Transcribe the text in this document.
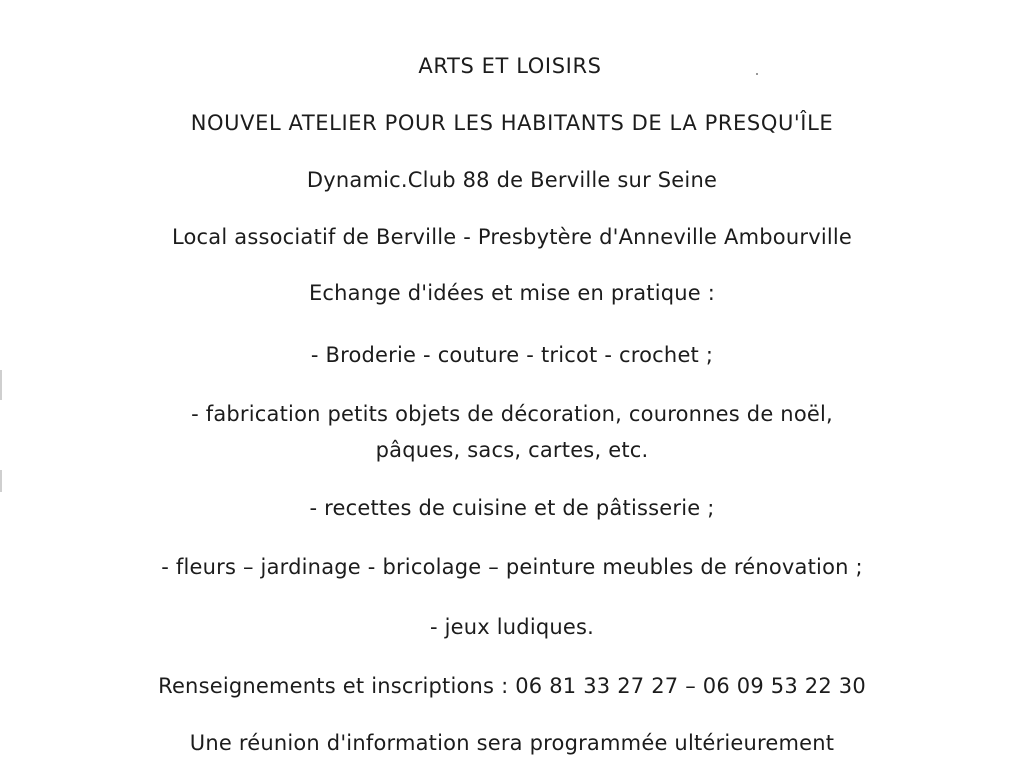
ARTS ET LOISIRS
NOUVEL ATELIER POUR LES HABITANTS DE LA PRESQU'ÎLE
Dynamic.Club 88 de Berville sur Seine
Local associatif de Berville - Presbytère d'Anneville Ambourville
Echange d'idées et mise en pratique :
- Broderie - couture - tricot - crochet ;
- fabrication petits objets de décoration, couronnes de noël,
pâques, sacs, cartes, etc.
- recettes de cuisine et de pâtisserie ;
- fleurs – jardinage - bricolage – peinture meubles de rénovation ;
- jeux ludiques.
Renseignements et inscriptions : 06 81 33 27 27 – 06 09 53 22 30
Une réunion d'information sera programmée ultérieurement
